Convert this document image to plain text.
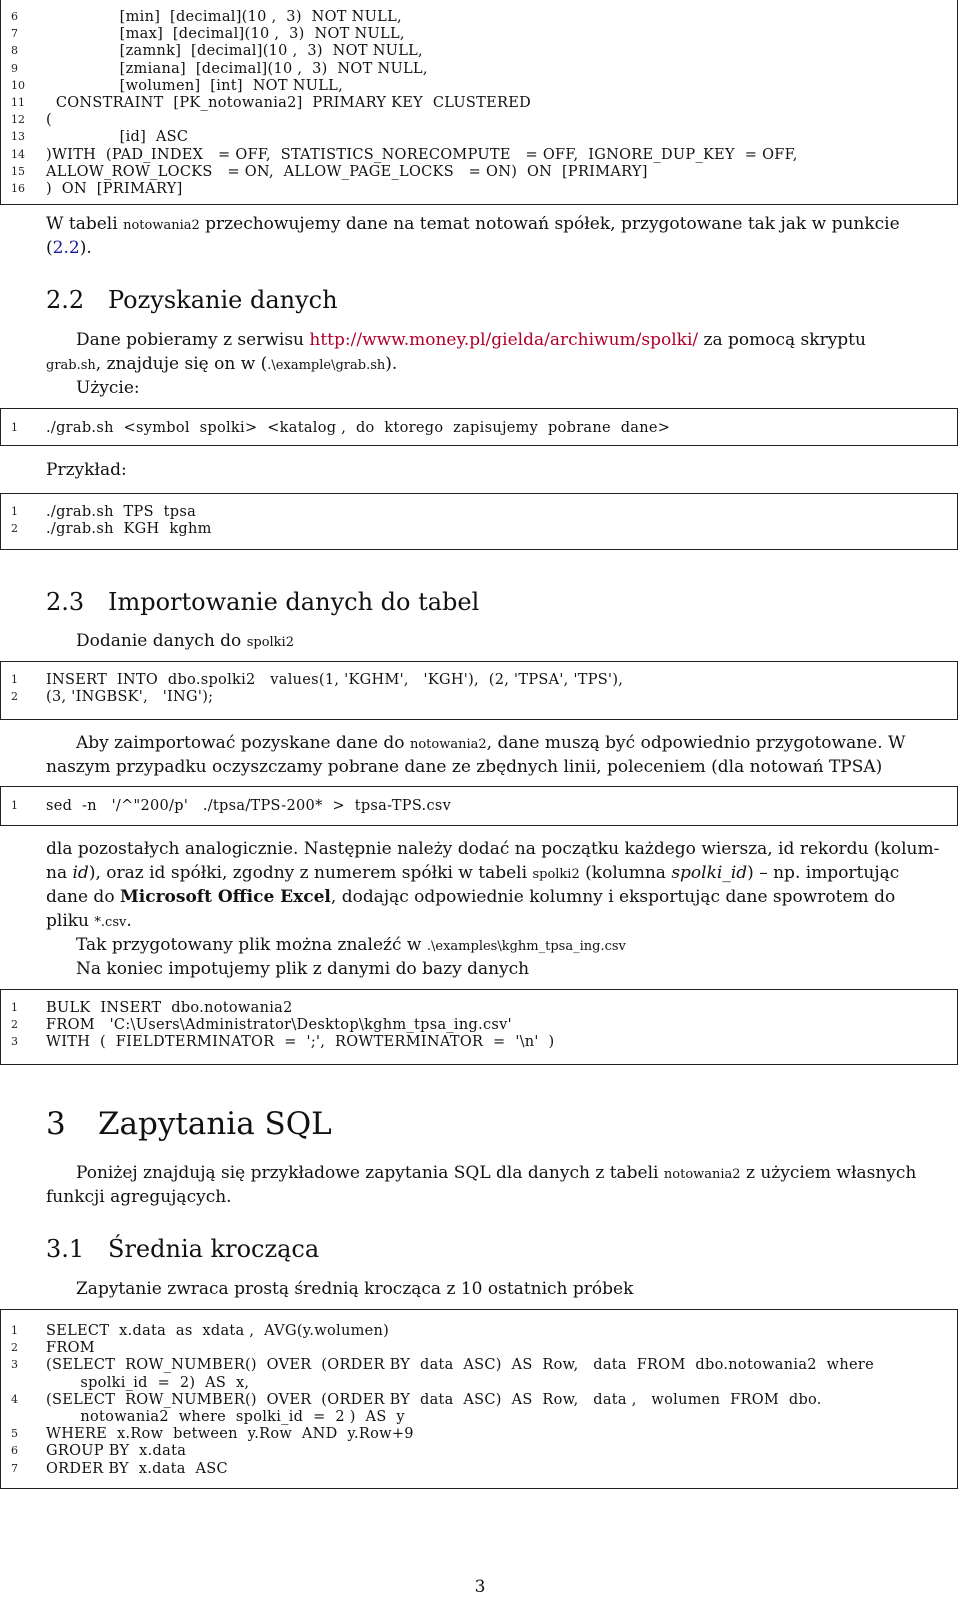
6	[min]  [decimal](10 ,  3)  NOT NULL,
7	[max]  [decimal](10 ,  3)  NOT NULL,
8	[zamnk]  [decimal](10 ,  3)  NOT NULL,
9	[zmiana]  [decimal](10 ,  3)  NOT NULL,
10	[wolumen]  [int]  NOT NULL,
11	CONSTRAINT  [PK_notowania2]  PRIMARY KEY  CLUSTERED
12	(
13	[id]  ASC
14	)WITH  (PAD_INDEX   = OFF,  STATISTICS_NORECOMPUTE   = OFF,  IGNORE_DUP_KEY  = OFF,
15	ALLOW_ROW_LOCKS   = ON,  ALLOW_PAGE_LOCKS   = ON)  ON  [PRIMARY]
16	)  ON  [PRIMARY]
W tabeli notowania2 przechowujemy dane na temat notowań spółek, przygotowane tak jak w punkcie
(2.2).
2.2 Pozyskanie danych
Dane pobieramy z serwisu http://www.money.pl/gielda/archiwum/spolki/ za pomocą skryptu
grab.sh, znajduje się on w (.\example\grab.sh).
Użycie:
1	./grab.sh  <symbol  spolki>  <katalog ,  do  ktorego  zapisujemy  pobrane  dane>
Przykład:
1	./grab.sh  TPS  tpsa
2	./grab.sh  KGH  kghm
2.3 Importowanie danych do tabel
Dodanie danych do spolki2
1	INSERT  INTO  dbo.spolki2   values(1, 'KGHM',   'KGH'),  (2, 'TPSA', 'TPS'),
2	(3, 'INGBSK',   'ING');
Aby zaimportować pozyskane dane do notowania2, dane muszą być odpowiednio przygotowane. W
naszym przypadku oczyszczamy pobrane dane ze zbędnych linii, poleceniem (dla notowań TPSA)
1	sed  -n   '/^"200/p'   ./tpsa/TPS-200*  >  tpsa-TPS.csv
dla pozostałych analogicznie. Następnie należy dodać na początku każdego wiersza, id rekordu (kolum-
na id), oraz id spółki, zgodny z numerem spółki w tabeli spolki2 (kolumna spolki_id) – np. importując
dane do Microsoft Office Excel, dodając odpowiednie kolumny i eksportując dane spowrotem do
pliku *.csv.
Tak przygotowany plik można znaleźć w .\examples\kghm_tpsa_ing.csv
Na koniec impotujemy plik z danymi do bazy danych
1	BULK  INSERT  dbo.notowania2
2	FROM   'C:\Users\Administrator\Desktop\kghm_tpsa_ing.csv'
3	WITH  (  FIELDTERMINATOR  =  ';',  ROWTERMINATOR  =  '\n'  )
3 Zapytania SQL
Poniżej znajdują się przykładowe zapytania SQL dla danych z tabeli notowania2 z użyciem własnych
funkcji agregujących.
3.1 Średnia krocząca
Zapytanie zwraca prostą średnią krocząca z 10 ostatnich próbek
1	SELECT  x.data  as  xdata ,  AVG(y.wolumen)
2	FROM
3	(SELECT  ROW_NUMBER()  OVER  (ORDER BY  data  ASC)  AS  Row,   data  FROM  dbo.notowania2  where
spolki_id  =  2)  AS  x,
4	(SELECT  ROW_NUMBER()  OVER  (ORDER BY  data  ASC)  AS  Row,   data ,   wolumen  FROM  dbo.
notowania2  where  spolki_id  =  2 )  AS  y
5	WHERE  x.Row  between  y.Row  AND  y.Row+9
6	GROUP BY  x.data
7	ORDER BY  x.data  ASC
3
